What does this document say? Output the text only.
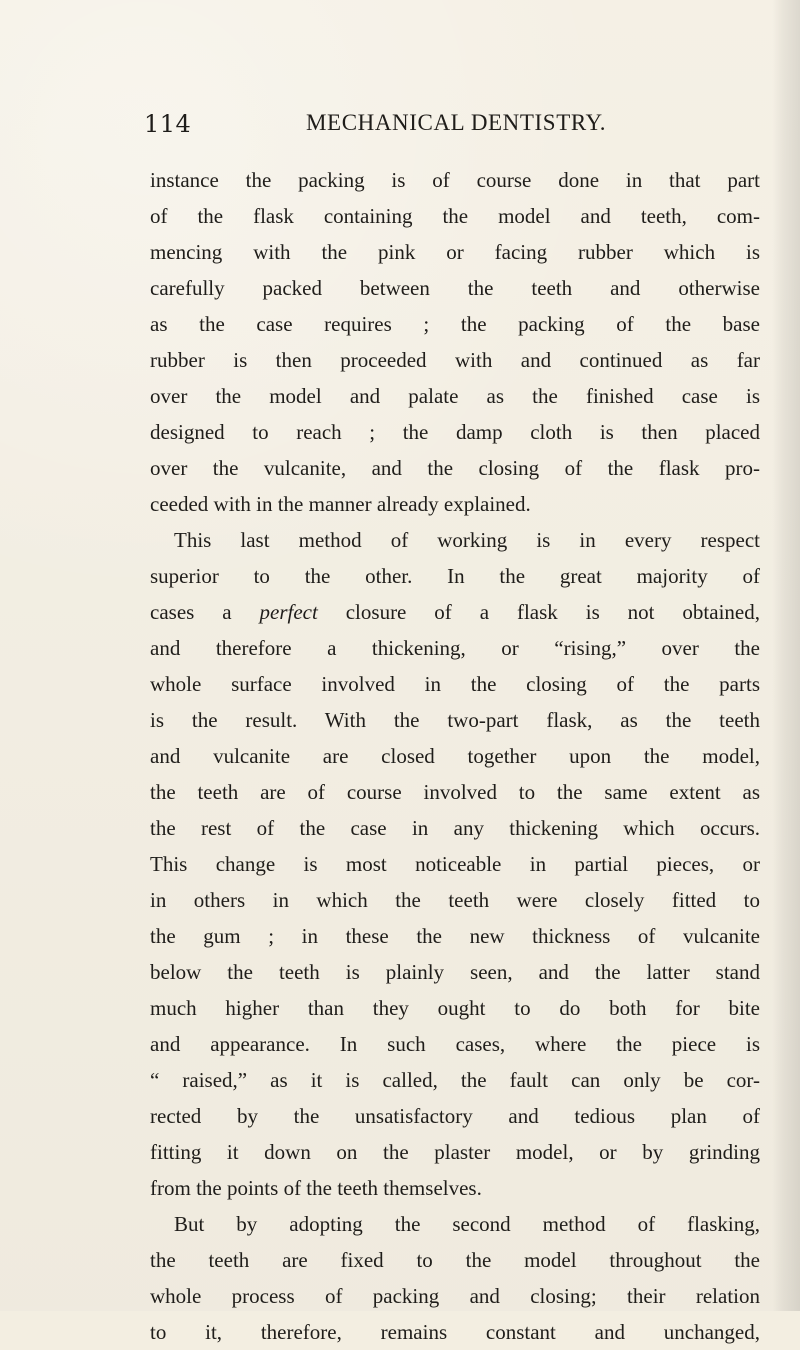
114	MECHANICAL DENTISTRY.
instance the packing is of course done in that part
of the flask containing the model and teeth, com-
mencing with the pink or facing rubber which is
carefully packed between the teeth and otherwise
as the case requires ; the packing of the base
rubber is then proceeded with and continued as far
over the model and palate as the finished case is
designed to reach ; the damp cloth is then placed
over the vulcanite, and the closing of the flask pro-
ceeded with in the manner already explained.
This last method of working is in every respect
superior to the other. In the great majority of
cases a perfect closure of a flask is not obtained,
and therefore a thickening, or “rising,” over the
whole surface involved in the closing of the parts
is the result. With the two-part flask, as the teeth
and vulcanite are closed together upon the model,
the teeth are of course involved to the same extent as
the rest of the case in any thickening which occurs.
This change is most noticeable in partial pieces, or
in others in which the teeth were closely fitted to
the gum ; in these the new thickness of vulcanite
below the teeth is plainly seen, and the latter stand
much higher than they ought to do both for bite
and appearance. In such cases, where the piece is
“ raised,” as it is called, the fault can only be cor-
rected by the unsatisfactory and tedious plan of
fitting it down on the plaster model, or by grinding
from the points of the teeth themselves.
But by adopting the second method of flasking,
the teeth are fixed to the model throughout the
whole process of packing and closing; their relation
to it, therefore, remains constant and unchanged,
